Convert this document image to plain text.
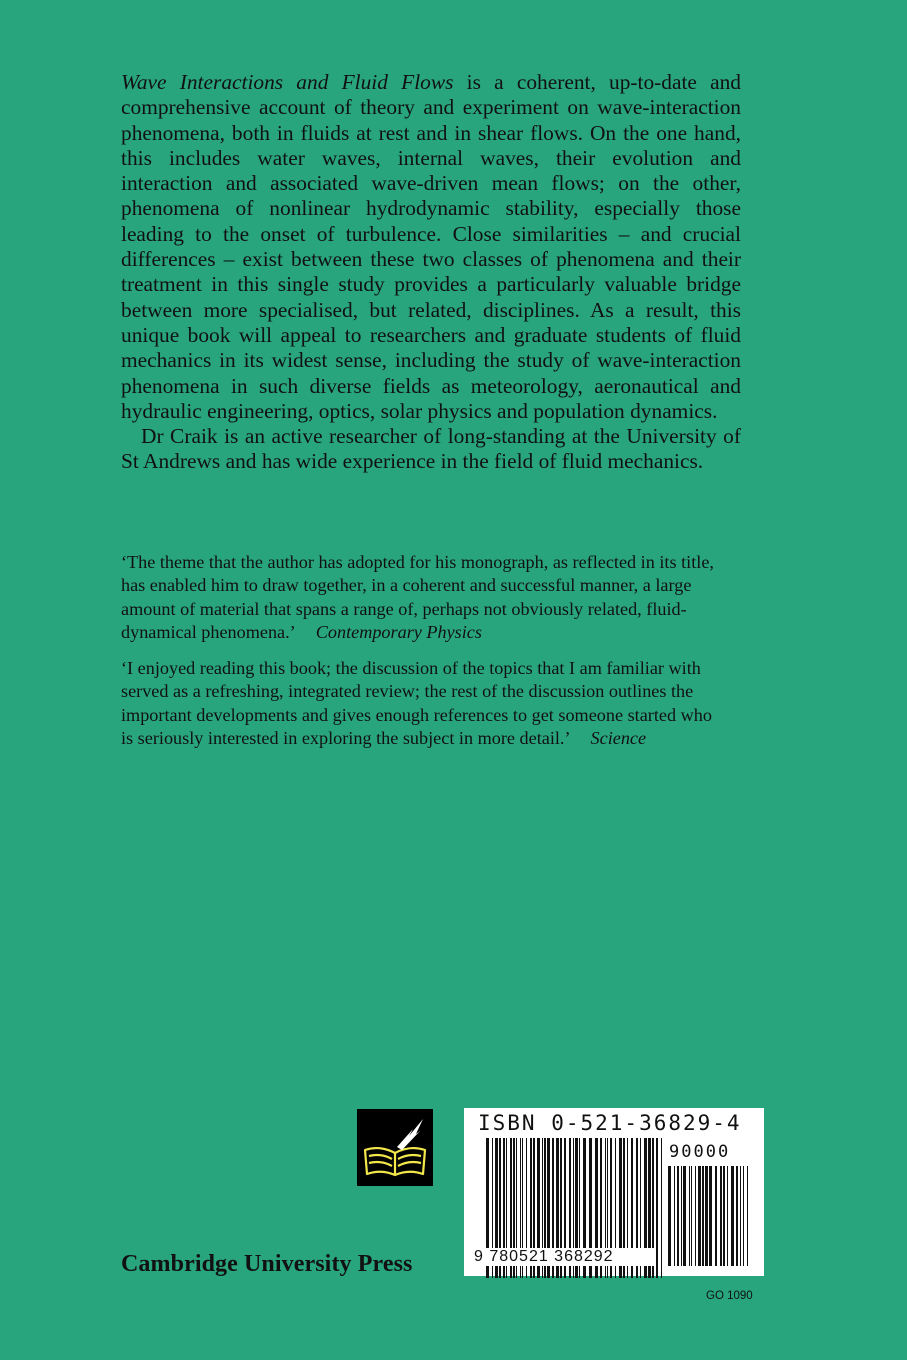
Wave Interactions and Fluid Flows is a coherent, up-to-date and comprehensive account of theory and experiment on wave-interaction phenomena, both in fluids at rest and in shear flows. On the one hand, this includes water waves, internal waves, their evolution and interaction and associated wave-driven mean flows; on the other, phenomena of nonlinear hydrodynamic stability, especially those leading to the onset of turbulence. Close similarities – and crucial differences – exist between these two classes of phenomena and their treatment in this single study provides a particularly valuable bridge between more specialised, but related, disciplines. As a result, this unique book will appeal to researchers and graduate students of fluid mechanics in its widest sense, including the study of wave-interaction phenomena in such diverse fields as meteorology, aeronautical and hydraulic engineering, optics, solar physics and population dynamics.

Dr Craik is an active researcher of long-standing at the University of St Andrews and has wide experience in the field of fluid mechanics.

‘The theme that the author has adopted for his monograph, as reflected in its title, has enabled him to draw together, in a coherent and successful manner, a large amount of material that spans a range of, perhaps not obviously related, fluid-dynamical phenomena.’ Contemporary Physics
‘I enjoyed reading this book; the discussion of the topics that I am familiar with served as a refreshing, integrated review; the rest of the discussion outlines the important developments and gives enough references to get someone started who is seriously interested in exploring the subject in more detail.’ Science
Cambridge University Press
ISBN 0-521-36829-4
90000
9 780521 368292
GO 1090
